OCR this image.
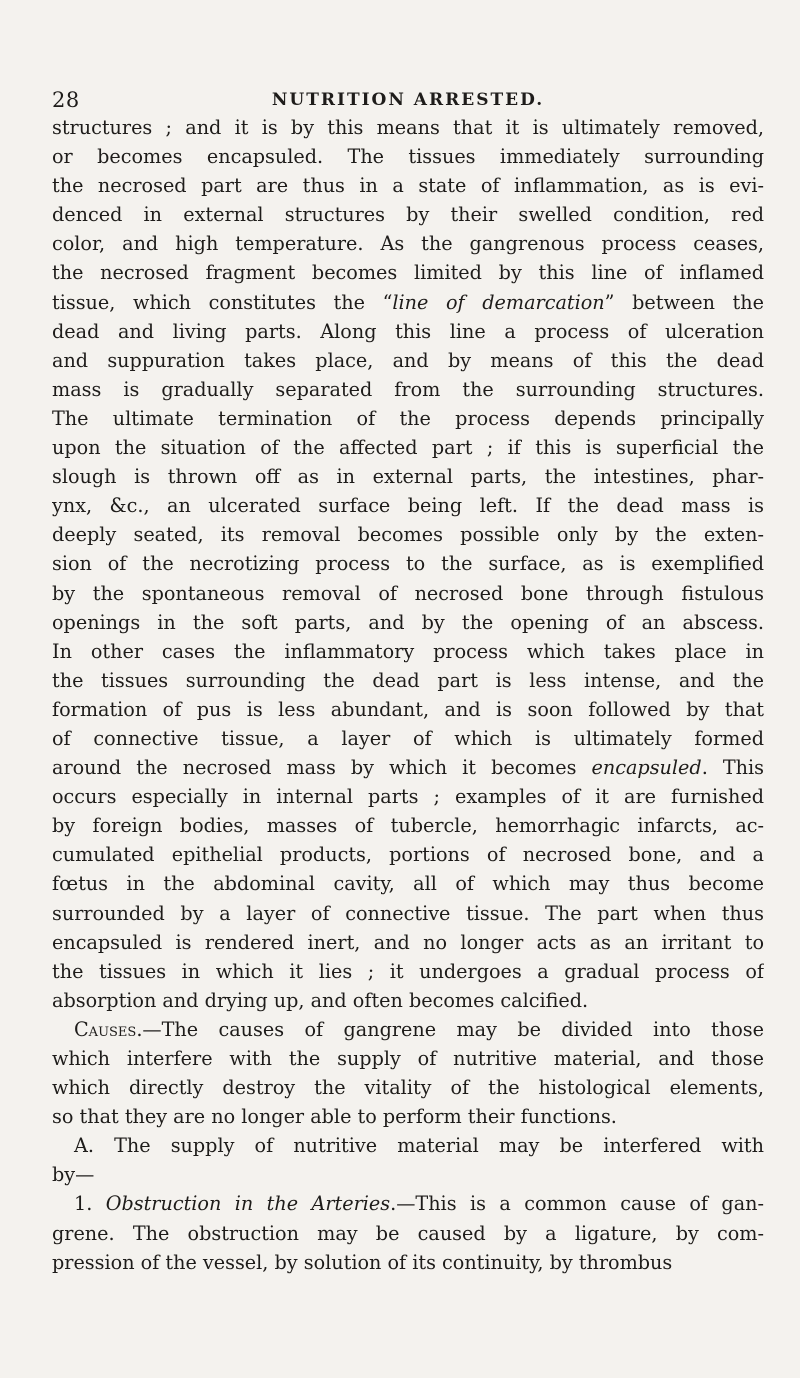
28	NUTRITION ARRESTED.
structures ; and it is by this means that it is ultimately removed,
or becomes encapsuled. The tissues immediately surrounding
the necrosed part are thus in a state of inflammation, as is evi-
denced in external structures by their swelled condition, red
color, and high temperature. As the gangrenous process ceases,
the necrosed fragment becomes limited by this line of inflamed
tissue, which constitutes the “line of demarcation” between the
dead and living parts. Along this line a process of ulceration
and suppuration takes place, and by means of this the dead
mass is gradually separated from the surrounding structures.
The ultimate termination of the process depends principally
upon the situation of the affected part ; if this is superficial the
slough is thrown off as in external parts, the intestines, phar-
ynx, &c., an ulcerated surface being left. If the dead mass is
deeply seated, its removal becomes possible only by the exten-
sion of the necrotizing process to the surface, as is exemplified
by the spontaneous removal of necrosed bone through fistulous
openings in the soft parts, and by the opening of an abscess.
In other cases the inflammatory process which takes place in
the tissues surrounding the dead part is less intense, and the
formation of pus is less abundant, and is soon followed by that
of connective tissue, a layer of which is ultimately formed
around the necrosed mass by which it becomes encapsuled. This
occurs especially in internal parts ; examples of it are furnished
by foreign bodies, masses of tubercle, hemorrhagic infarcts, ac-
cumulated epithelial products, portions of necrosed bone, and a
fœtus in the abdominal cavity, all of which may thus become
surrounded by a layer of connective tissue. The part when thus
encapsuled is rendered inert, and no longer acts as an irritant to
the tissues in which it lies ; it undergoes a gradual process of
absorption and drying up, and often becomes calcified.
Causes.—The causes of gangrene may be divided into those
which interfere with the supply of nutritive material, and those
which directly destroy the vitality of the histological elements,
so that they are no longer able to perform their functions.
A. The supply of nutritive material may be interfered with
by—
1. Obstruction in the Arteries.—This is a common cause of gan-
grene. The obstruction may be caused by a ligature, by com-
pression of the vessel, by solution of its continuity, by thrombus
